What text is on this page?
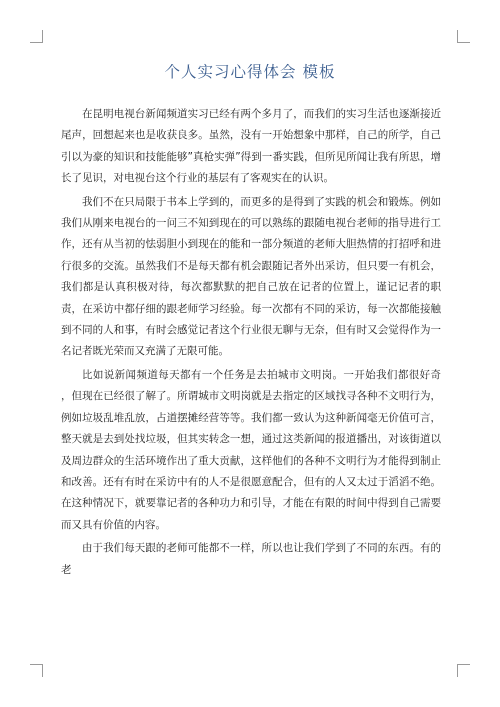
个人实习心得体会 模板

在昆明电视台新闻频道实习已经有两个多月了，而我们的实习生活也逐渐接近尾声，回想起来也是收获良多。虽然，没有一开始想象中那样，自己的所学，自己引以为豪的知识和技能能够”真枪实弹”得到一番实践，但所见所闻让我有所思，增长了见识，对电视台这个行业的基层有了客观实在的认识。

我们不在只局限于书本上学到的，而更多的是得到了实践的机会和锻炼。例如我们从刚来电视台的一问三不知到现在的可以熟练的跟随电视台老师的指导进行工作，还有从当初的怯弱胆小到现在的能和一部分频道的老师大胆热情的打招呼和进行很多的交流。虽然我们不是每天都有机会跟随记者外出采访，但只要一有机会，我们都是认真积极对待，每次都默默的把自己放在记者的位置上，谨记记者的职责，在采访中都仔细的跟老师学习经验。每一次都有不同的采访，每一次都能接触到不同的人和事，有时会感觉记者这个行业很无聊与无奈，但有时又会觉得作为一名记者既光荣而又充满了无限可能。

比如说新闻频道每天都有一个任务是去拍城市文明岗。一开始我们都很好奇 ，但现在已经很了解了。所谓城市文明岗就是去指定的区域找寻各种不文明行为，例如垃圾乱堆乱放，占道摆摊经营等等。我们都一致认为这种新闻毫无价值可言，整天就是去到处找垃圾，但其实转念一想，通过这类新闻的报道播出，对该街道以及周边群众的生活环境作出了重大贡献，这样他们的各种不文明行为才能得到制止和改善。还有有时在采访中有的人不是很愿意配合，但有的人又太过于滔滔不绝。在这种情况下，就要靠记者的各种功力和引导，才能在有限的时间中得到自己需要而又具有价值的内容。

由于我们每天跟的老师可能都不一样，所以也让我们学到了不同的东西。有的老
